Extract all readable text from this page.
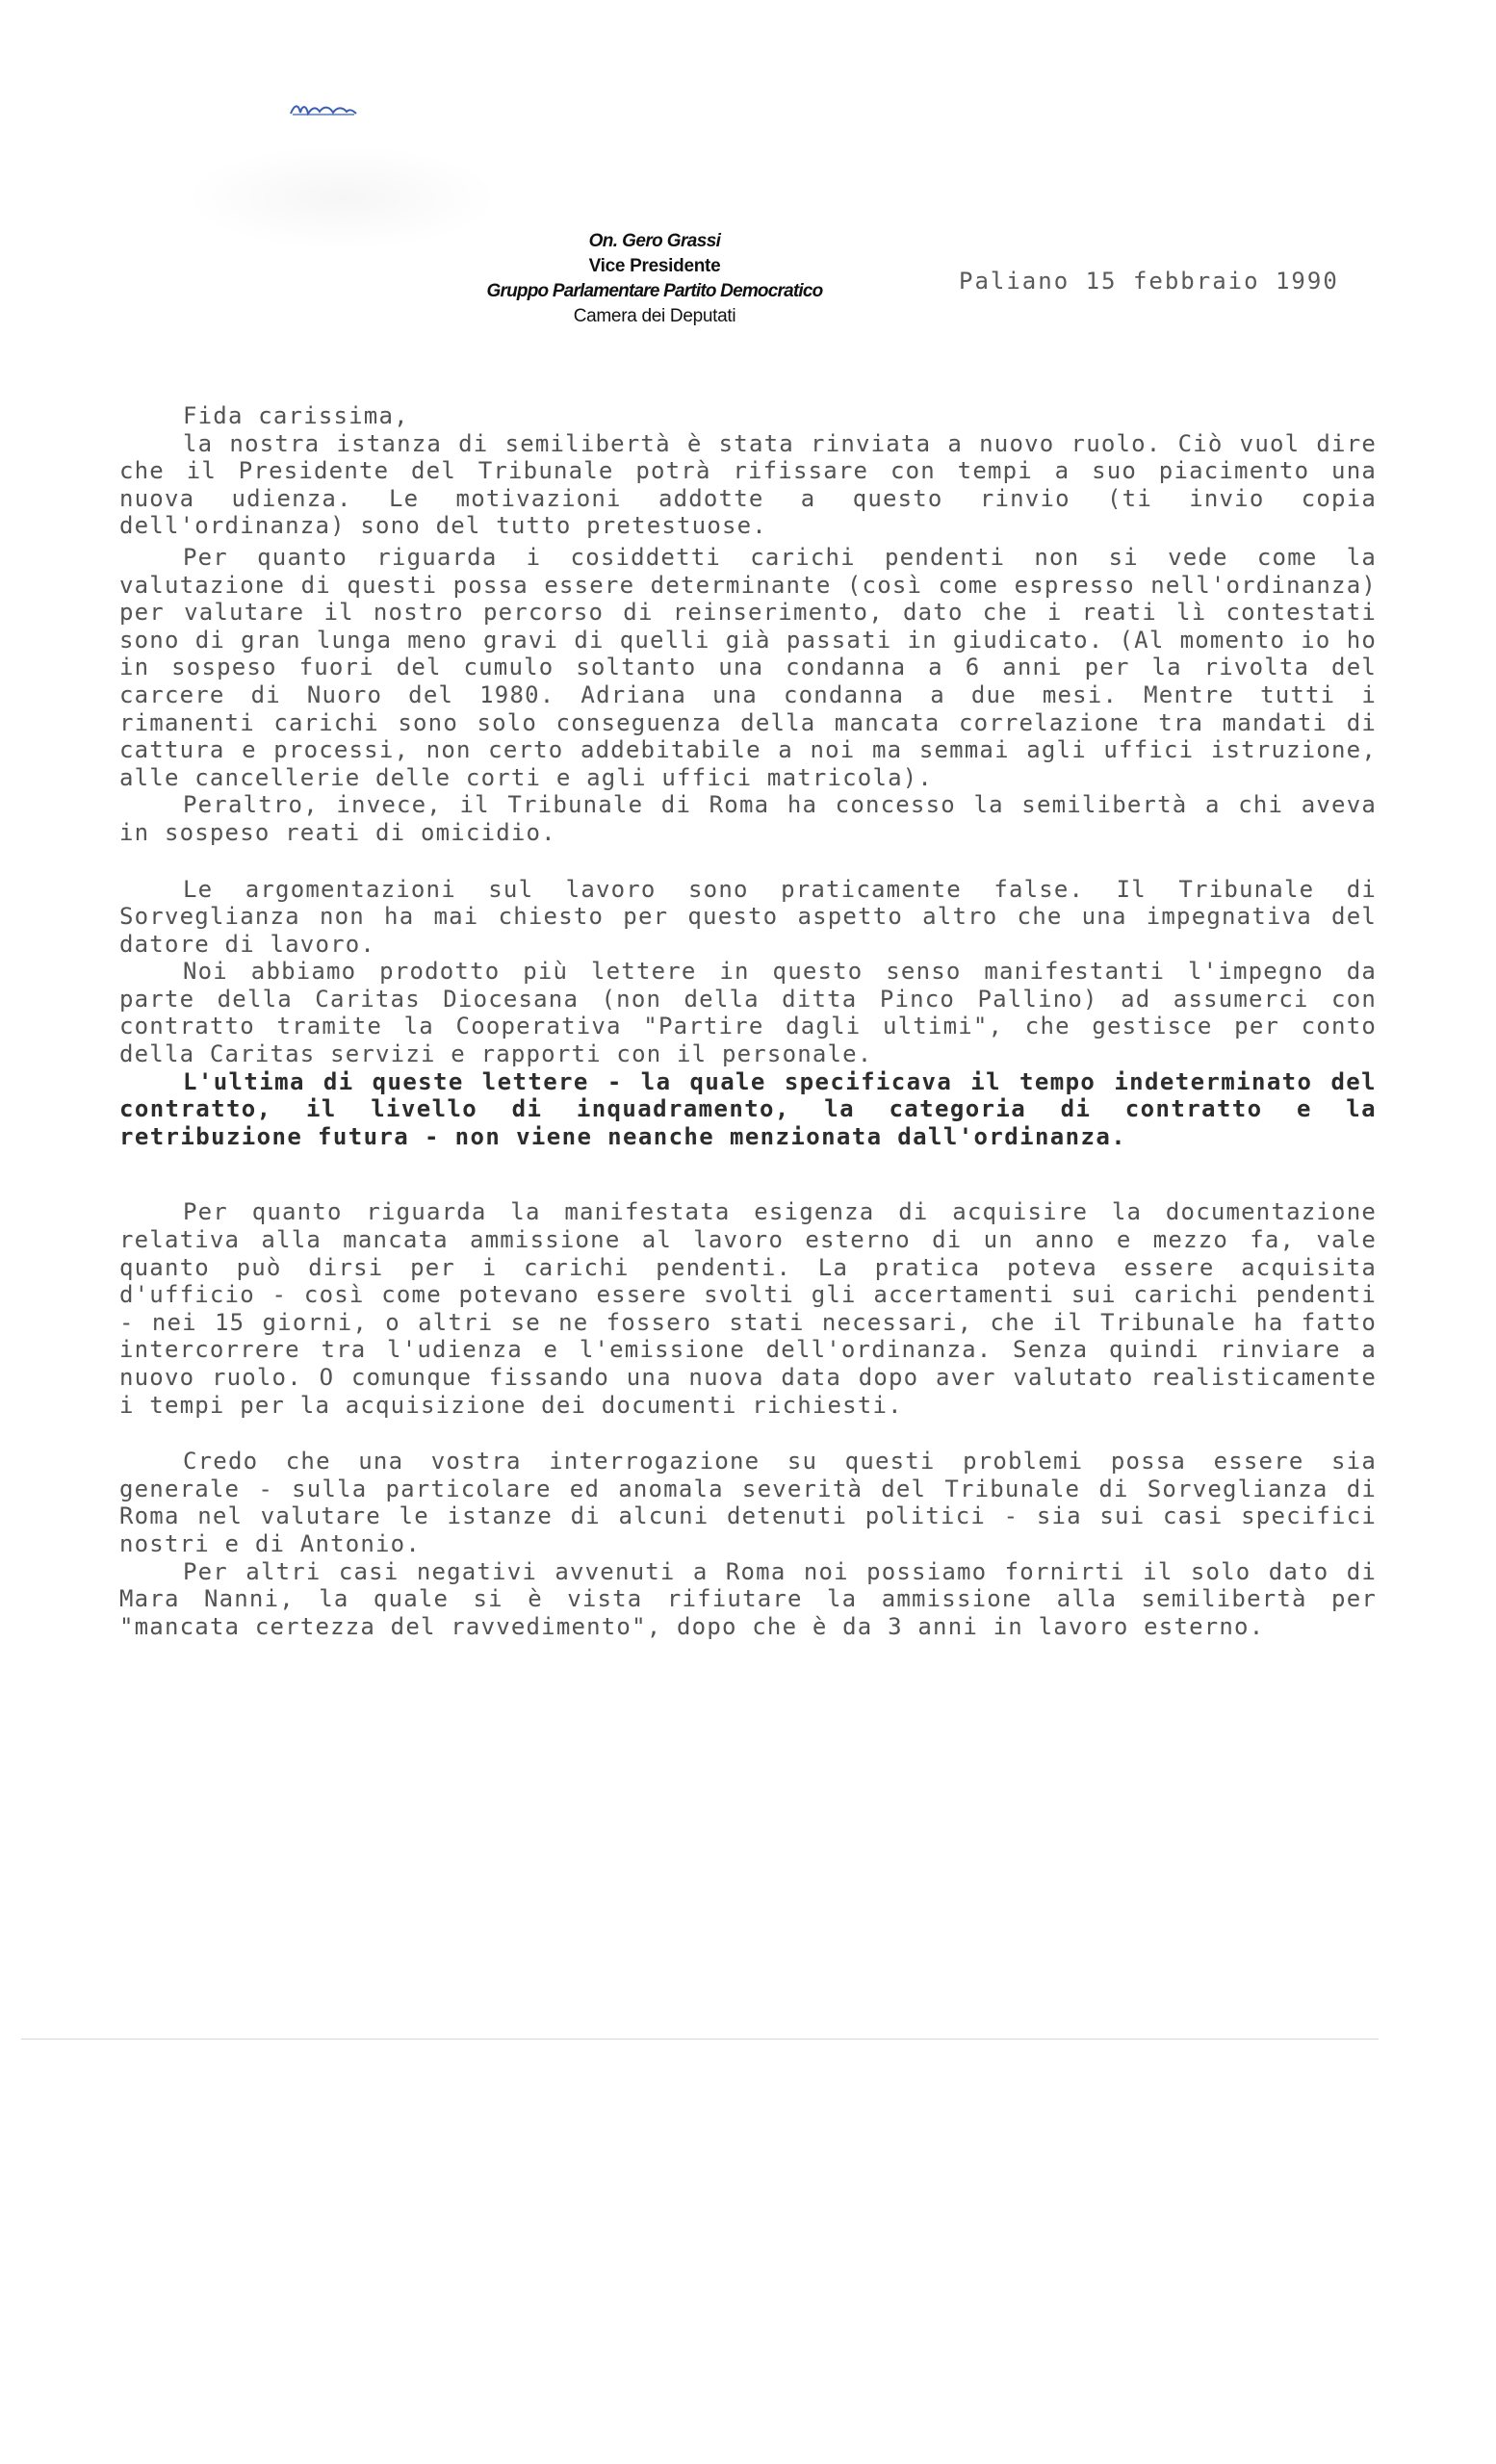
On. Gero Grassi
Vice Presidente
Gruppo Parlamentare Partito Democratico
Camera dei Deputati
Paliano 15 febbraio 1990

Fida carissima,

la nostra istanza di semilibertà è stata rinviata a nuovo ruolo. Ciò vuol dire che il Presidente del Tribunale potrà rifissare con tempi a suo piacimento una nuova udienza. Le motivazioni addotte a questo rinvio (ti invio copia dell'ordinanza) sono del tutto pretestuose.

Per quanto riguarda i cosiddetti carichi pendenti non si vede come la valutazione di questi possa essere determinante (così come espresso nell'ordinanza) per valutare il nostro percorso di reinserimento, dato che i reati lì contestati sono di gran lunga meno gravi di quelli già passati in giudicato. (Al momento io ho in sospeso fuori del cumulo soltanto una condanna a 6 anni per la rivolta del carcere di Nuoro del 1980. Adriana una condanna a due mesi. Mentre tutti i rimanenti carichi sono solo conseguenza della mancata correlazione tra mandati di cattura e processi, non certo addebitabile a noi ma semmai agli uffici istruzione, alle cancellerie delle corti e agli uffici matricola).

Peraltro, invece, il Tribunale di Roma ha concesso la semilibertà a chi aveva in sospeso reati di omicidio.

Le argomentazioni sul lavoro sono praticamente false. Il Tribunale di Sorveglianza non ha mai chiesto per questo aspetto altro che una impegnativa del datore di lavoro.

Noi abbiamo prodotto più lettere in questo senso manifestanti l'impegno da parte della Caritas Diocesana (non della ditta Pinco Pallino) ad assumerci con contratto tramite la Cooperativa "Partire dagli ultimi", che gestisce per conto della Caritas servizi e rapporti con il personale.

L'ultima di queste lettere - la quale specificava il tempo indeterminato del contratto, il livello di inquadramento, la categoria di contratto e la retribuzione futura - non viene neanche menzionata dall'ordinanza.

Per quanto riguarda la manifestata esigenza di acquisire la documentazione relativa alla mancata ammissione al lavoro esterno di un anno e mezzo fa, vale quanto può dirsi per i carichi pendenti. La pratica poteva essere acquisita d'ufficio - così come potevano essere svolti gli accertamenti sui carichi pendenti - nei 15 giorni, o altri se ne fossero stati necessari, che il Tribunale ha fatto intercorrere tra l'udienza e l'emissione dell'ordinanza. Senza quindi rinviare a nuovo ruolo. O comunque fissando una nuova data dopo aver valutato realisticamente i tempi per la acquisizione dei documenti richiesti.

Credo che una vostra interrogazione su questi problemi possa essere sia generale - sulla particolare ed anomala severità del Tribunale di Sorveglianza di Roma nel valutare le istanze di alcuni detenuti politici - sia sui casi specifici nostri e di Antonio.

Per altri casi negativi avvenuti a Roma noi possiamo fornirti il solo dato di Mara Nanni, la quale si è vista rifiutare la ammissione alla semilibertà per "mancata certezza del ravvedimento", dopo che è da 3 anni in lavoro esterno.
